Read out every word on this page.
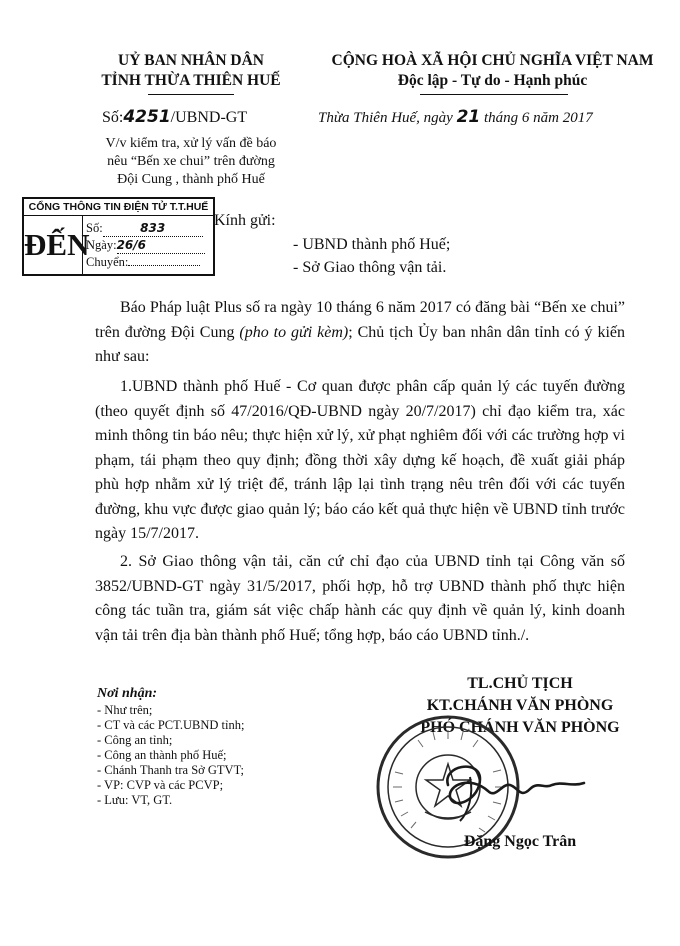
UỶ BAN NHÂN DÂN
TỈNH THỪA THIÊN HUẾ
Số:4251/UBND-GT
V/v kiểm tra, xử lý vấn đề báo
nêu “Bến xe chui” trên đường
Đội Cung , thành phố Huế
CỘNG HOÀ XÃ HỘI CHỦ NGHĨA VIỆT NAM
Độc lập - Tự do - Hạnh phúc
Thừa Thiên Huế, ngày 21 tháng 6 năm 2017
CỔNG THÔNG TIN ĐIỆN TỬ T.T.HUẾ
ĐẾN
Số:	833
Ngày:26/6
Chuyển:
Kính gửi:
- UBND thành phố Huế;
- Sở Giao thông vận tải.
Báo Pháp luật Plus số ra ngày 10 tháng 6 năm 2017 có đăng bài “Bến xe chui” trên đường Đội Cung (pho to gửi kèm); Chủ tịch Ủy ban nhân dân tỉnh có ý kiến như sau:
1.UBND thành phố Huế - Cơ quan được phân cấp quản lý các tuyến đường (theo quyết định số 47/2016/QĐ-UBND ngày 20/7/2017) chỉ đạo kiểm tra, xác minh thông tin báo nêu; thực hiện xử lý, xử phạt nghiêm đối với các trường hợp vi phạm, tái phạm theo quy định; đồng thời xây dựng kế hoạch, đề xuất giải pháp phù hợp nhằm xử lý triệt để, tránh lập lại tình trạng nêu trên đối với các tuyến đường, khu vực được giao quản lý; báo cáo kết quả thực hiện về UBND tỉnh trước ngày 15/7/2017.
2. Sở Giao thông vận tải, căn cứ chỉ đạo của UBND tỉnh tại Công văn số 3852/UBND-GT ngày 31/5/2017, phối hợp, hỗ trợ UBND thành phố thực hiện công tác tuần tra, giám sát việc chấp hành các quy định về quản lý, kinh doanh vận tải trên địa bàn thành phố Huế; tổng hợp, báo cáo UBND tỉnh./.
Nơi nhận:
- Như trên;
- CT và các PCT.UBND tỉnh;
- Công an tỉnh;
- Công an thành phố Huế;
- Chánh Thanh tra Sở GTVT;
- VP: CVP và các PCVP;
- Lưu: VT, GT.
TL.CHỦ TỊCH
KT.CHÁNH VĂN PHÒNG
PHÓ CHÁNH VĂN PHÒNG
Đặng Ngọc Trân
